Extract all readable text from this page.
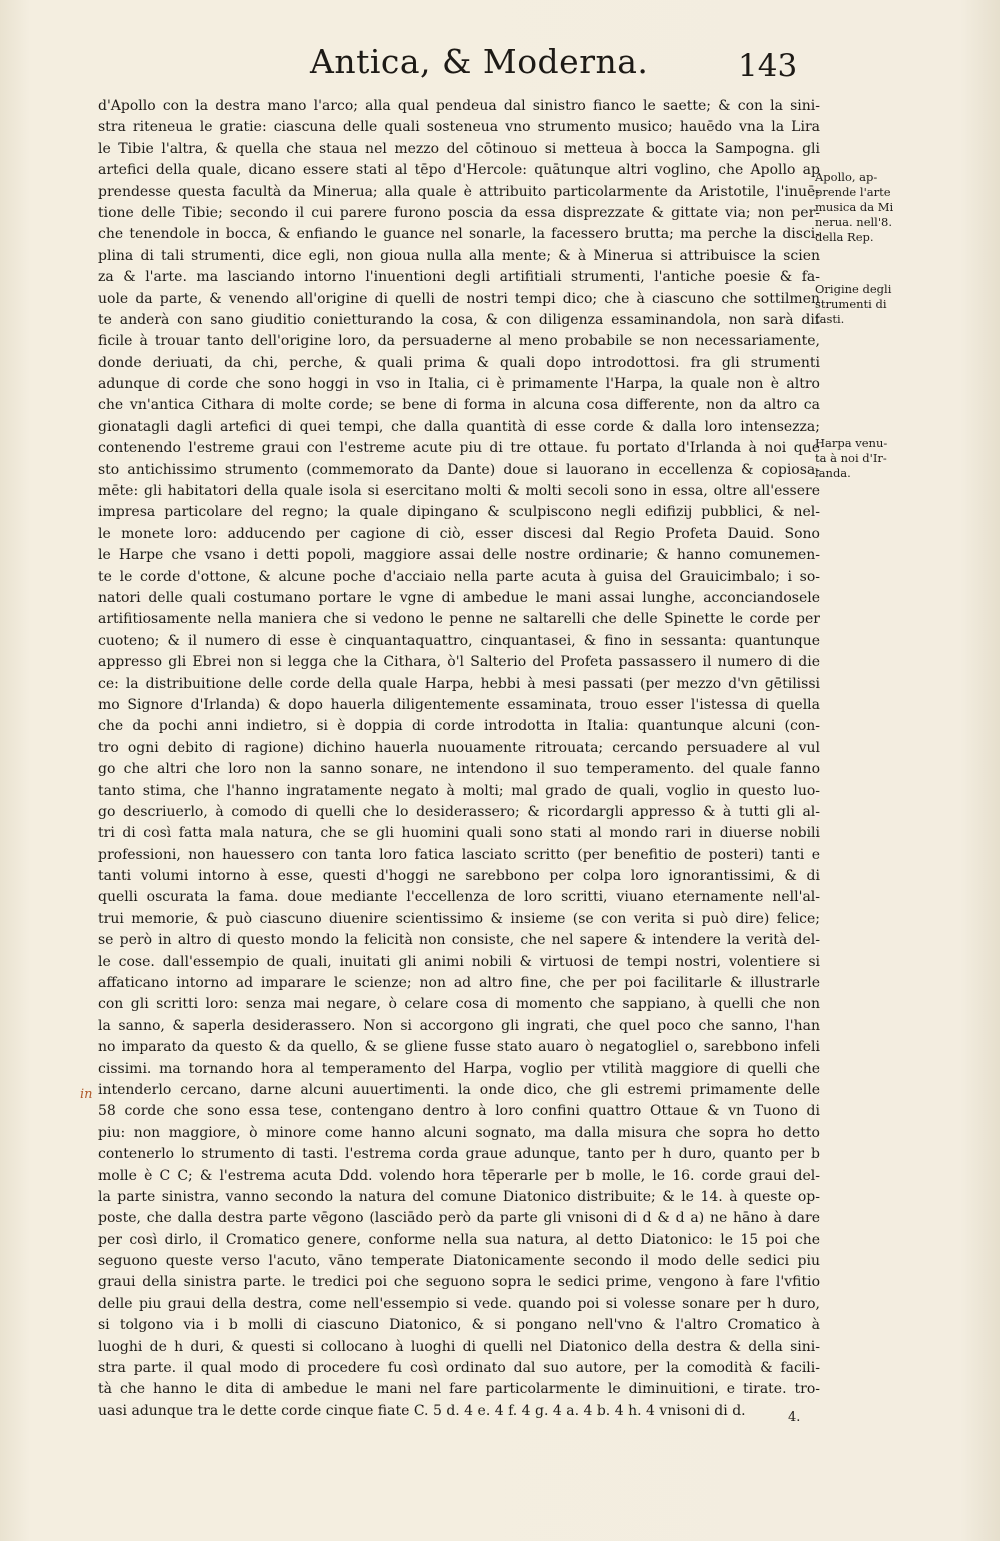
Antica, & Moderna.	143
d'Apollo con la destra mano l'arco; alla qual pendeua dal sinistro fianco le saette; & con la sini-
stra riteneua le gratie: ciascuna delle quali sosteneua vno strumento musico; hauēdo vna la Lira
le Tibie l'altra, & quella che staua nel mezzo del cōtinouo si metteua à bocca la Sampogna. gli
artefici della quale, dicano essere stati al tēpo d'Hercole: quātunque altri voglino, che Apollo ap
prendesse questa facultà da Minerua; alla quale è attribuito particolarmente da Aristotile, l'inuē-
tione delle Tibie; secondo il cui parere furono poscia da essa disprezzate & gittate via; non per-
che tenendole in bocca, & enfiando le guance nel sonarle, la facessero brutta; ma perche la disci-
plina di tali strumenti, dice egli, non gioua nulla alla mente; & à Minerua si attribuisce la scien
za & l'arte. ma lasciando intorno l'inuentioni degli artifitiali strumenti, l'antiche poesie & fa-
uole da parte, & venendo all'origine di quelli de nostri tempi dico; che à ciascuno che sottilmen
te anderà con sano giuditio conietturando la cosa, & con diligenza essaminandola, non sarà dif
ficile à trouar tanto dell'origine loro, da persuaderne al meno probabile se non necessariamente,
donde deriuati, da chi, perche, & quali prima & quali dopo introdottosi. fra gli strumenti
adunque di corde che sono hoggi in vso in Italia, ci è primamente l'Harpa, la quale non è altro
che vn'antica Cithara di molte corde; se bene di forma in alcuna cosa differente, non da altro ca
gionatagli dagli artefici di quei tempi, che dalla quantità di esse corde & dalla loro intensezza;
contenendo l'estreme graui con l'estreme acute piu di tre ottaue. fu portato d'Irlanda à noi que
sto antichissimo strumento (commemorato da Dante) doue si lauorano in eccellenza & copiosa-
mēte: gli habitatori della quale isola si esercitano molti & molti secoli sono in essa, oltre all'essere
impresa particolare del regno; la quale dipingano & sculpiscono negli edifizij pubblici, & nel-
le monete loro: adducendo per cagione di ciò, esser discesi dal Regio Profeta Dauid. Sono
le Harpe che vsano i detti popoli, maggiore assai delle nostre ordinarie; & hanno comunemen-
te le corde d'ottone, & alcune poche d'acciaio nella parte acuta à guisa del Grauicimbalo; i so-
natori delle quali costumano portare le vgne di ambedue le mani assai lunghe, acconciandosele
artifitiosamente nella maniera che si vedono le penne ne saltarelli che delle Spinette le corde per
cuoteno; & il numero di esse è cinquantaquattro, cinquantasei, & fino in sessanta: quantunque
appresso gli Ebrei non si legga che la Cithara, ò'l Salterio del Profeta passassero il numero di die
ce: la distribuitione delle corde della quale Harpa, hebbi à mesi passati (per mezzo d'vn gētilissi
mo Signore d'Irlanda) & dopo hauerla diligentemente essaminata, trouo esser l'istessa di quella
che da pochi anni indietro, si è doppia di corde introdotta in Italia: quantunque alcuni (con-
tro ogni debito di ragione) dichino hauerla nuouamente ritrouata; cercando persuadere al vul
go che altri che loro non la sanno sonare, ne intendono il suo temperamento. del quale fanno
tanto stima, che l'hanno ingratamente negato à molti; mal grado de quali, voglio in questo luo-
go descriuerlo, à comodo di quelli che lo desiderassero; & ricordargli appresso & à tutti gli al-
tri di così fatta mala natura, che se gli huomini quali sono stati al mondo rari in diuerse nobili
professioni, non hauessero con tanta loro fatica lasciato scritto (per benefitio de posteri) tanti e
tanti volumi intorno à esse, questi d'hoggi ne sarebbono per colpa loro ignorantissimi, & di
quelli oscurata la fama. doue mediante l'eccellenza de loro scritti, viuano eternamente nell'al-
trui memorie, & può ciascuno diuenire scientissimo & insieme (se con verita si può dire) felice;
se però in altro di questo mondo la felicità non consiste, che nel sapere & intendere la verità del-
le cose. dall'essempio de quali, inuitati gli animi nobili & virtuosi de tempi nostri, volentiere si
affaticano intorno ad imparare le scienze; non ad altro fine, che per poi facilitarle & illustrarle
con gli scritti loro: senza mai negare, ò celare cosa di momento che sappiano, à quelli che non
la sanno, & saperla desiderassero. Non si accorgono gli ingrati, che quel poco che sanno, l'han
no imparato da questo & da quello, & se gliene fusse stato auaro ò negatogliel o, sarebbono infeli
cissimi. ma tornando hora al temperamento del Harpa, voglio per vtilità maggiore di quelli che
intenderlo cercano, darne alcuni auuertimenti. la onde dico, che gli estremi primamente delle
58 corde che sono essa tese, contengano dentro à loro confini quattro Ottaue & vn Tuono di
piu: non maggiore, ò minore come hanno alcuni sognato, ma dalla misura che sopra ho detto
contenerlo lo strumento di tasti. l'estrema corda graue adunque, tanto per h duro, quanto per b
molle è C C; & l'estrema acuta Ddd. volendo hora tēperarle per b molle, le 16. corde graui del-
la parte sinistra, vanno secondo la natura del comune Diatonico distribuite; & le 14. à queste op-
poste, che dalla destra parte vēgono (lasciādo però da parte gli vnisoni di d & d a) ne hāno à dare
per così dirlo, il Cromatico genere, conforme nella sua natura, al detto Diatonico: le 15 poi che
seguono queste verso l'acuto, vāno temperate Diatonicamente secondo il modo delle sedici piu
graui della sinistra parte. le tredici poi che seguono sopra le sedici prime, vengono à fare l'vfitio
delle piu graui della destra, come nell'essempio si vede. quando poi si volesse sonare per h duro,
si tolgono via i b molli di ciascuno Diatonico, & si pongano nell'vno & l'altro Cromatico à
luoghi de h duri, & questi si collocano à luoghi di quelli nel Diatonico della destra & della sini-
stra parte. il qual modo di procedere fu così ordinato dal suo autore, per la comodità & facili-
tà che hanno le dita di ambedue le mani nel fare particolarmente le diminuitioni, e tirate. tro-
uasi adunque tra le dette corde cinque fiate C. 5 d. 4 e. 4 f. 4 g. 4 a. 4 b. 4 h. 4 vnisoni di d.
Apollo, ap-
prende l'arte
musica da Mi
nerua. nell'8.
della Rep.
Origine degli
strumenti di
tasti.
Harpa venu-
ta à noi d'Ir-
landa.
in
4.
